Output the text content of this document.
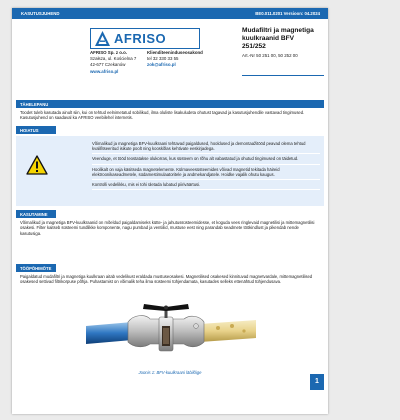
KASUTUSJUHEND	BE0.011.0201 Versioon: 04.2024
AFRISO
AFRISO Sp. z o.o.
Szałsza, ul. Kościelna 7
42-677 Czekanów
www.afriso.pl
Klienditeeninduseosakond
tel 32 330 33 55
zok@afriso.pl
Mudafiltri ja magnetiga
kuulkraanid BFV
251/252
Art.-Nr 50 251 00, 50 252 00
TÄHELEPANU
Toodet tuleb kasutada ainult siin, kui on tehtud eelnimetatud sobilikud, ilma oluliste lisakuludeta ohutust tagavad ja kasutusjuhendile vastavad tingimused. Kasutusjuhend on saadaval ka AFRISO veebilehel internetis.
HOIATUS
Võimalikud ja magnetiga BFV-kuulkraani tehtavad paigaldused, hooldused ja demontaažitööd peavad olema tehtud kvalifitseeritud isikute poolt ning kooskõlas kehtivate eeskirjadega.
Veenduge, et tööd teostatakse olukorras, kus süsteem on rõhu alt vabastatud ja ohutud tingimused on täidetud.
Hoolikalt on vaja käsitseda magnetelemente. Külmaveesüsteemides võivad magnetid tekitada häireid elektroonikaseadmetele, südamestimulaatoritele ja andmekandjatele. Hoidke vajalik ohutu kaugus.
Kontrolli vedelikku, mis ei tohi ületada lubatud piiriväärtusi.
KASUTAMINE
Võimalikud ja magnetiga BFV-kuulkraanid on mõeldud paigaldamiseks kütte- ja jahutussüsteemidesse, et koguda vees ringlevaid magnetilisi ja mittemagnetilisi osakesi. Filter kaitseb süsteemi tundlikke komponente, nagu pumbad ja ventiilid, mustuse eest ning parandab seadmete töökindlust ja pikendab nende kasutusiga.
TÖÖPÕHIMÕTE
Paigaldatud mudafiltri ja magnetiga kuulkraan aitab vedelikust eraldada mustuseosakesi. Magnetilised osakesed kinnituvad magnetvardale, mittemagnetilised osakesed settivad filtrikorpuse põhja. Puhastamist on võimalik teha ilma süsteemi tühjendamata, kasutades selleks ettenähtud tühjendusava.
Joonis 1: BFV-kuulkraani läbilõige
1
